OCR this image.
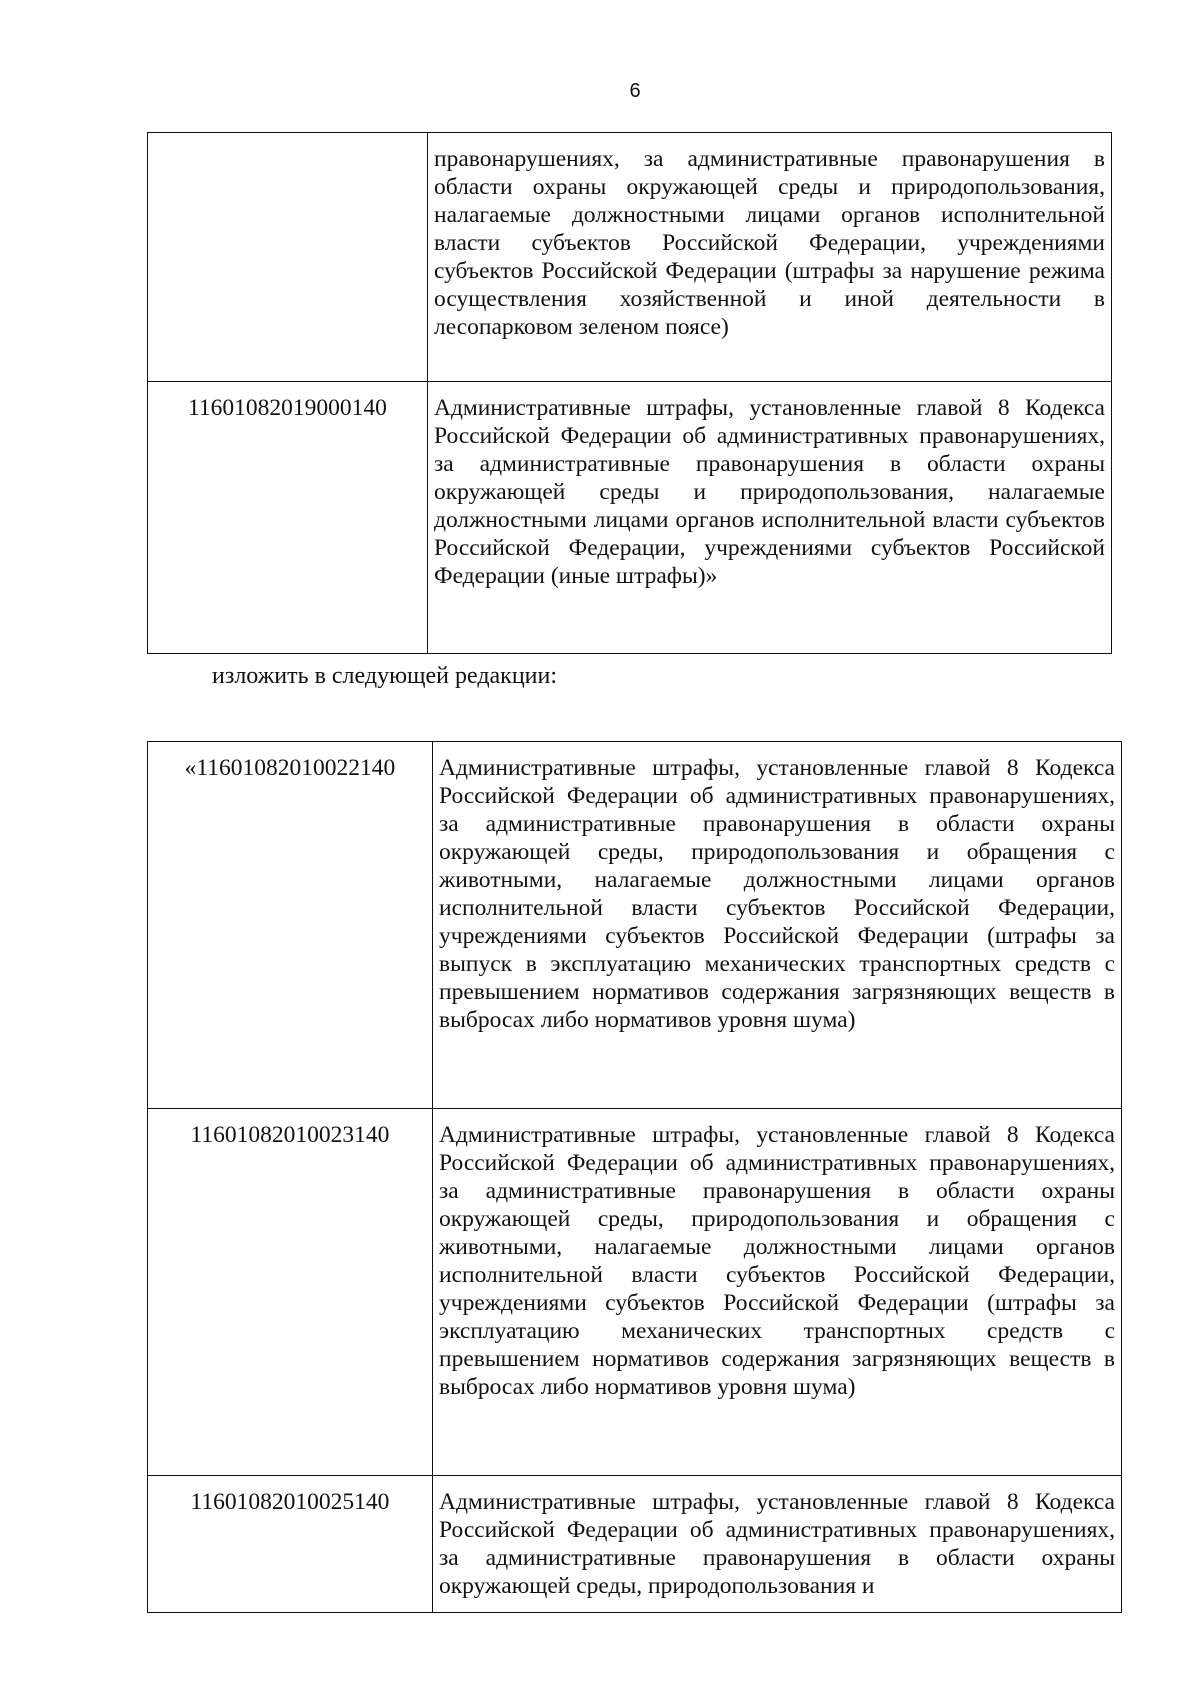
6
	правонарушениях, за административные правонарушения в области охраны окружающей среды и природопользования, налагаемые должностными лицами органов исполнительной власти субъектов Российской Федерации, учреждениями субъектов Российской Федерации (штрафы за нарушение режима осуществления хозяйственной и иной деятельности в лесопарковом зеленом поясе)
11601082019000140	Административные штрафы, установленные главой 8 Кодекса Российской Федерации об административных правонарушениях, за административные правонарушения в области охраны окружающей среды и природопользования, налагаемые должностными лицами органов исполнительной власти субъектов Российской Федерации, учреждениями субъектов Российской Федерации (иные штрафы)»
изложить в следующей редакции:
«11601082010022140	Административные штрафы, установленные главой 8 Кодекса Российской Федерации об административных правонарушениях, за административные правонарушения в области охраны окружающей среды, природопользования и обращения с животными, налагаемые должностными лицами органов исполнительной власти субъектов Российской Федерации, учреждениями субъектов Российской Федерации (штрафы за выпуск в эксплуатацию механических транспортных средств с превышением нормативов содержания загрязняющих веществ в выбросах либо нормативов уровня шума)
11601082010023140	Административные штрафы, установленные главой 8 Кодекса Российской Федерации об административных правонарушениях, за административные правонарушения в области охраны окружающей среды, природопользования и обращения с животными, налагаемые должностными лицами органов исполнительной власти субъектов Российской Федерации, учреждениями субъектов Российской Федерации (штрафы за эксплуатацию механических транспортных средств с превышением нормативов содержания загрязняющих веществ в выбросах либо нормативов уровня шума)
11601082010025140	Административные штрафы, установленные главой 8 Кодекса Российской Федерации об административных правонарушениях, за административные правонарушения в области охраны окружающей среды, природопользования и
